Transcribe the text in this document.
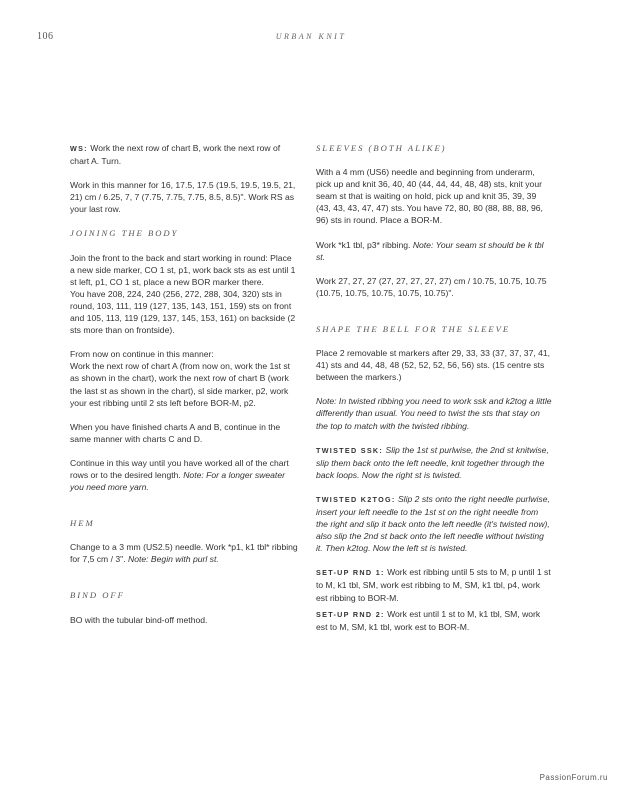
106	URBAN KNIT

WS: Work the next row of chart B, work the next row of chart A. Turn.

Work in this manner for 16, 17.5, 17.5 (19.5, 19.5, 19.5, 21, 21) cm / 6.25, 7, 7 (7.75, 7.75, 7.75, 8.5, 8.5)". Work RS as your last row.

JOINING THE BODY
Join the front to the back and start working in round: Place a new side marker, CO 1 st, p1, work back sts as est until 1 st left, p1, CO 1 st, place a new BOR marker there.

You have 208, 224, 240 (256, 272, 288, 304, 320) sts in round, 103, 111, 119 (127, 135, 143, 151, 159) sts on front and 105, 113, 119 (129, 137, 145, 153, 161) on backside (2 sts more than on frontside).

From now on continue in this manner:

Work the next row of chart A (from now on, work the 1st st as shown in the chart), work the next row of chart B (work the last st as shown in the chart), sl side marker, p2, work your est ribbing until 2 sts left before BOR-M, p2.

When you have finished charts A and B, continue in the same manner with charts C and D.

Continue in this way until you have worked all of the chart rows or to the desired length. Note: For a longer sweater you need more yarn.

HEM

Change to a 3 mm (US2.5) needle. Work *p1, k1 tbl* ribbing for 7,5 cm / 3". Note: Begin with purl st.

BIND OFF

BO with the tubular bind-off method.

SLEEVES (BOTH ALIKE)

With a 4 mm (US6) needle and beginning from underarm, pick up and knit 36, 40, 40 (44, 44, 44, 48, 48) sts, knit your seam st that is waiting on hold, pick up and knit 35, 39, 39 (43, 43, 43, 47, 47) sts. You have 72, 80, 80 (88, 88, 88, 96, 96) sts in round. Place a BOR-M.

Work *k1 tbl, p3* ribbing. Note: Your seam st should be k tbl st.

Work 27, 27, 27 (27, 27, 27, 27, 27) cm / 10.75, 10.75, 10.75 (10.75, 10.75, 10.75, 10.75, 10.75)".

SHAPE THE BELL FOR THE SLEEVE

Place 2 removable st markers after 29, 33, 33 (37, 37, 37, 41, 41) sts and 44, 48, 48 (52, 52, 52, 56, 56) sts. (15 centre sts between the markers.)

Note: In twisted ribbing you need to work ssk and k2tog a little differently than usual. You need to twist the sts that stay on the top to match with the twisted ribbing.

TWISTED SSK: Slip the 1st st purlwise, the 2nd st knitwise, slip them back onto the left needle, knit together through the back loops. Now the right st is twisted.

TWISTED K2TOG: Slip 2 sts onto the right needle purlwise, insert your left needle to the 1st st on the right needle from the right and slip it back onto the left needle (it's twisted now), also slip the 2nd st back onto the left needle without twisting it. Then k2tog. Now the left st is twisted.

SET-UP RND 1: Work est ribbing until 5 sts to M, p until 1 st to M, k1 tbl, SM, work est ribbing to M, SM, k1 tbl, p4, work est ribbing to BOR-M.

SET-UP RND 2: Work est until 1 st to M, k1 tbl, SM, work est to M, SM, k1 tbl, work est to BOR-M.

PassionForum.ru
